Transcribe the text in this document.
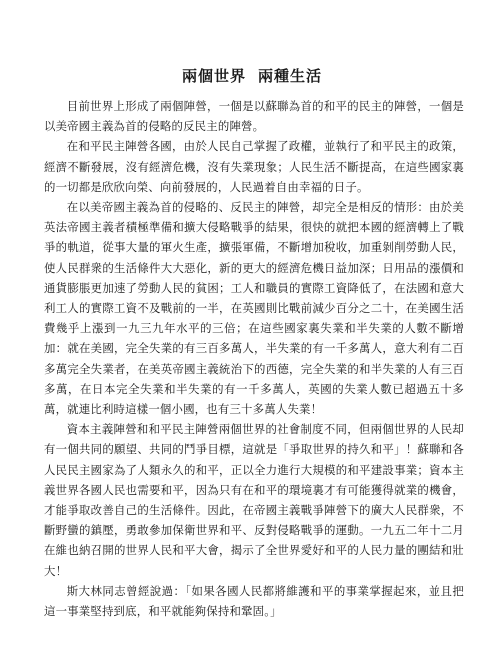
兩個世界 兩種生活

目前世界上形成了兩個陣營，一個是以蘇聯為首的和平的民主的陣營，一個是以美帝國主義為首的侵略的反民主的陣營。

在和平民主陣營各國，由於人民自己掌握了政權，並執行了和平民主的政策，經濟不斷發展，沒有經濟危機，沒有失業現象；人民生活不斷提高，在這些國家裏的一切都是欣欣向榮、向前發展的，人民過着自由幸福的日子。

在以美帝國主義為首的侵略的、反民主的陣營，却完全是相反的情形：由於美英法帝國主義者積極準備和擴大侵略戰爭的結果，很快的就把本國的經濟轉上了戰爭的軌道，從事大量的軍火生產，擴張軍備，不斷增加稅收，加重剝削勞動人民，使人民群衆的生活條件大大惡化，新的更大的經濟危機日益加深；日用品的漲價和通貨膨脹更加速了勞動人民的貧困；工人和職員的實際工資降低了，在法國和意大利工人的實際工資不及戰前的一半，在英國則比戰前減少百分之二十，在美國生活費幾乎上漲到一九三九年水平的三倍；在這些國家裏失業和半失業的人數不斷增加：就在美國，完全失業的有三百多萬人，半失業的有一千多萬人，意大利有二百多萬完全失業者，在美英帝國主義統治下的西德，完全失業的和半失業的人有三百多萬，在日本完全失業和半失業的有一千多萬人，英國的失業人數已超過五十多萬，就連比利時這樣一個小國，也有三十多萬人失業！

資本主義陣營和和平民主陣營兩個世界的社會制度不同，但兩個世界的人民却有一個共同的願望、共同的鬥爭目標，這就是「爭取世界的持久和平」！蘇聯和各人民民主國家為了人類永久的和平，正以全力進行大規模的和平建設事業；資本主義世界各國人民也需要和平，因為只有在和平的環境裏才有可能獲得就業的機會，才能爭取改善自己的生活條件。因此，在帝國主義戰爭陣營下的廣大人民群衆，不斷野蠻的鎮壓，勇敢參加保衛世界和平、反對侵略戰爭的運動。一九五二年十二月在維也納召開的世界人民和平大會，揭示了全世界愛好和平的人民力量的團結和壯大！

斯大林同志曾經說過：「如果各國人民都將維護和平的事業掌握起來，並且把這一事業堅持到底，和平就能夠保持和鞏固。」
